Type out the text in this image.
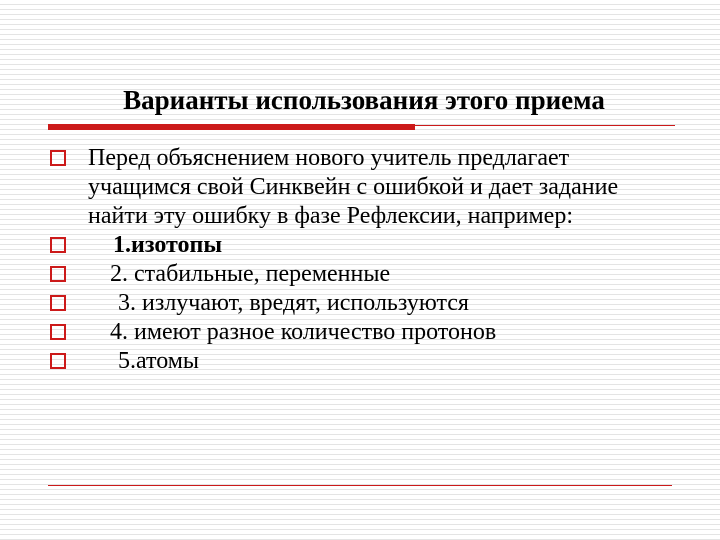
Варианты использования этого приема
Перед объяснением нового учитель предлагает учащимся свой Синквейн с ошибкой и дает задание найти эту ошибку в фазе Рефлексии, например:
1.изотопы
2. стабильные, переменные
3. излучают, вредят, используются
4. имеют разное количество протонов
5.атомы
